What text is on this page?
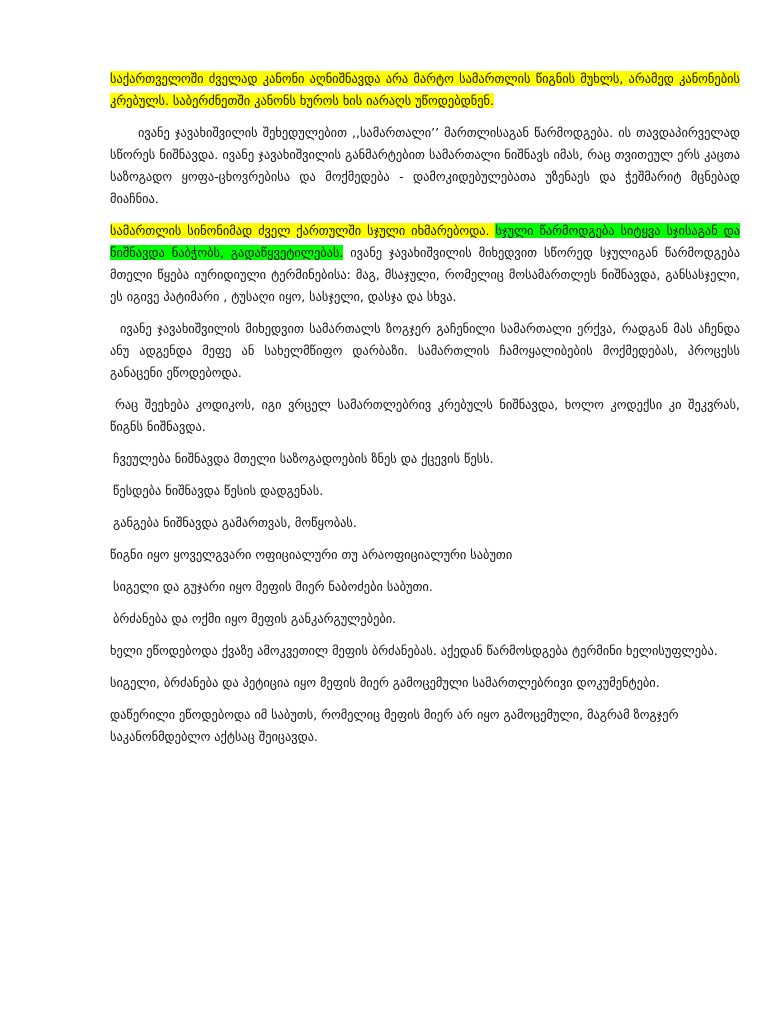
საქართველოში ძველად კანონი აღნიშნავდა არა მარტო სამართლის წიგნის მუხლს, არამედ კანონების კრებულს. საბერძნეთში კანონს ხუროს ხის იარაღს უწოდებდნენ.

ივანე ჯავახიშვილის შეხედულებით ,,სამართალი’’ მართლისაგან წარმოდგება. ის თავდაპირველად სწორეს ნიშნავდა. ივანე ჯავახიშვილის განმარტებით სამართალი ნიშნავს იმას, რაც თვითეულ ერს კაცთა საზოგადო ყოფა-ცხოვრებისა და მოქმედება - დამოკიდებულებათა უზენაეს და ჭეშმარიტ მცნებად მიაჩნია.

სამართლის სინონიმად ძველ ქართულში სჯული იხმარებოდა. სჯული წარმოდგება სიტყვა სჯისაგან და ნიშნავდა ნაბჭობს, გადაწყვეტილებას. ივანე ჯავახიშვილის მიხედვით სწორედ სჯულიგან წარმოდგება მთელი წყება იურიდიული ტერმინებისა: მაგ, მსაჯული, რომელიც მოსამართლეს ნიშნავდა, განსასჯელი, ეს იგივე პატიმარი , ტუსაღი იყო, სასჯელი, დასჯა და სხვა.

ივანე ჯავახიშვილის მიხედვით სამართალს ზოგჯერ გაჩენილი სამართალი ერქვა, რადგან მას აჩენდა ანუ ადგენდა მეფე ან სახელმწიფო დარბაზი. სამართლის ჩამოყალიბების მოქმედებას, პროცესს განაცენი ეწოდებოდა.

რაც შეეხება კოდიკოს, იგი ვრცელ სამართლებრივ კრებულს ნიშნავდა, ხოლო კოდექსი კი შეკვრას, წიგნს ნიშნავდა.

ჩვეულება ნიშნავდა მთელი საზოგადოების ზნეს და ქცევის წესს.

წესდება ნიშნავდა წესის დადგენას.

განგება ნიშნავდა გამართვას, მოწყობას.

წიგნი იყო ყოველგვარი ოფიციალური თუ არაოფიციალური საბუთი

სიგელი და გუჯარი იყო მეფის მიერ ნაბოძები საბუთი.

ბრძანება და ოქმი იყო მეფის განკარგულებები.

ხელი ეწოდებოდა ქვაზე ამოკვეთილ მეფის ბრძანებას. აქედან წარმოსდგება ტერმინი ხელისუფლება.

სიგელი, ბრძანება და პეტიცია იყო მეფის მიერ გამოცემული სამართლებრივი დოკუმენტები.

დაწერილი ეწოდებოდა იმ საბუთს, რომელიც მეფის მიერ არ იყო გამოცემული, მაგრამ ზოგჯერ საკანონმდებლო აქტსაც შეიცავდა.
